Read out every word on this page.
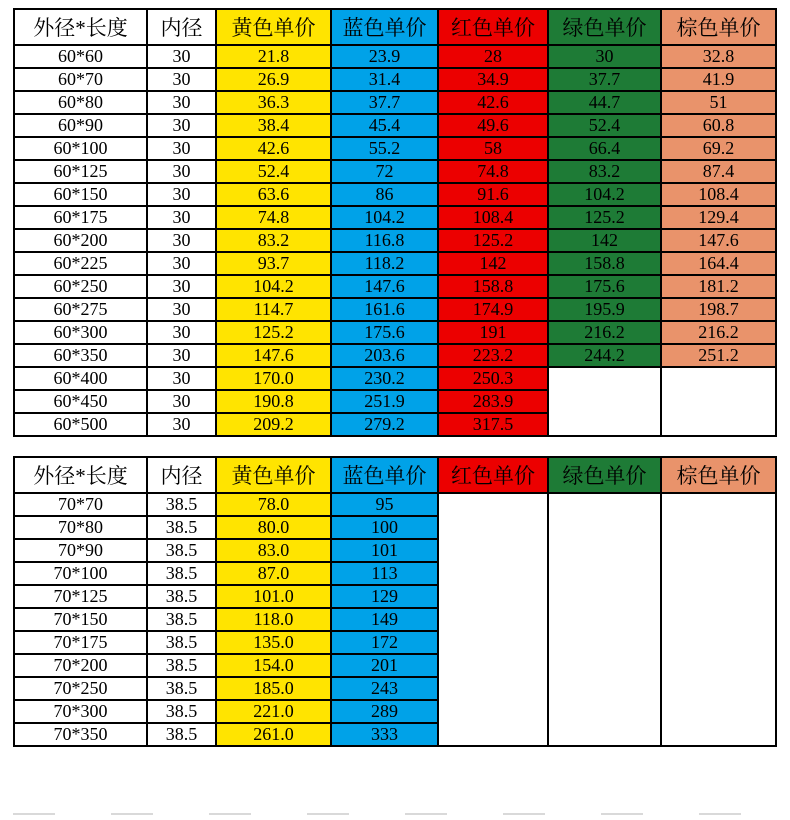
外径*长度	内径	黄色单价	蓝色单价	红色单价	绿色单价	棕色单价
60*60	30	21.8	23.9	28	30	32.8
60*70	30	26.9	31.4	34.9	37.7	41.9
60*80	30	36.3	37.7	42.6	44.7	51
60*90	30	38.4	45.4	49.6	52.4	60.8
60*100	30	42.6	55.2	58	66.4	69.2
60*125	30	52.4	72	74.8	83.2	87.4
60*150	30	63.6	86	91.6	104.2	108.4
60*175	30	74.8	104.2	108.4	125.2	129.4
60*200	30	83.2	116.8	125.2	142	147.6
60*225	30	93.7	118.2	142	158.8	164.4
60*250	30	104.2	147.6	158.8	175.6	181.2
60*275	30	114.7	161.6	174.9	195.9	198.7
60*300	30	125.2	175.6	191	216.2	216.2
60*350	30	147.6	203.6	223.2	244.2	251.2
60*400	30	170.0	230.2	250.3		
60*450	30	190.8	251.9	283.9		
60*500	30	209.2	279.2	317.5		
外径*长度	内径	黄色单价	蓝色单价	红色单价	绿色单价	棕色单价
70*70	38.5	78.0	95			
70*80	38.5	80.0	100			
70*90	38.5	83.0	101			
70*100	38.5	87.0	113			
70*125	38.5	101.0	129			
70*150	38.5	118.0	149			
70*175	38.5	135.0	172			
70*200	38.5	154.0	201			
70*250	38.5	185.0	243			
70*300	38.5	221.0	289			
70*350	38.5	261.0	333			
